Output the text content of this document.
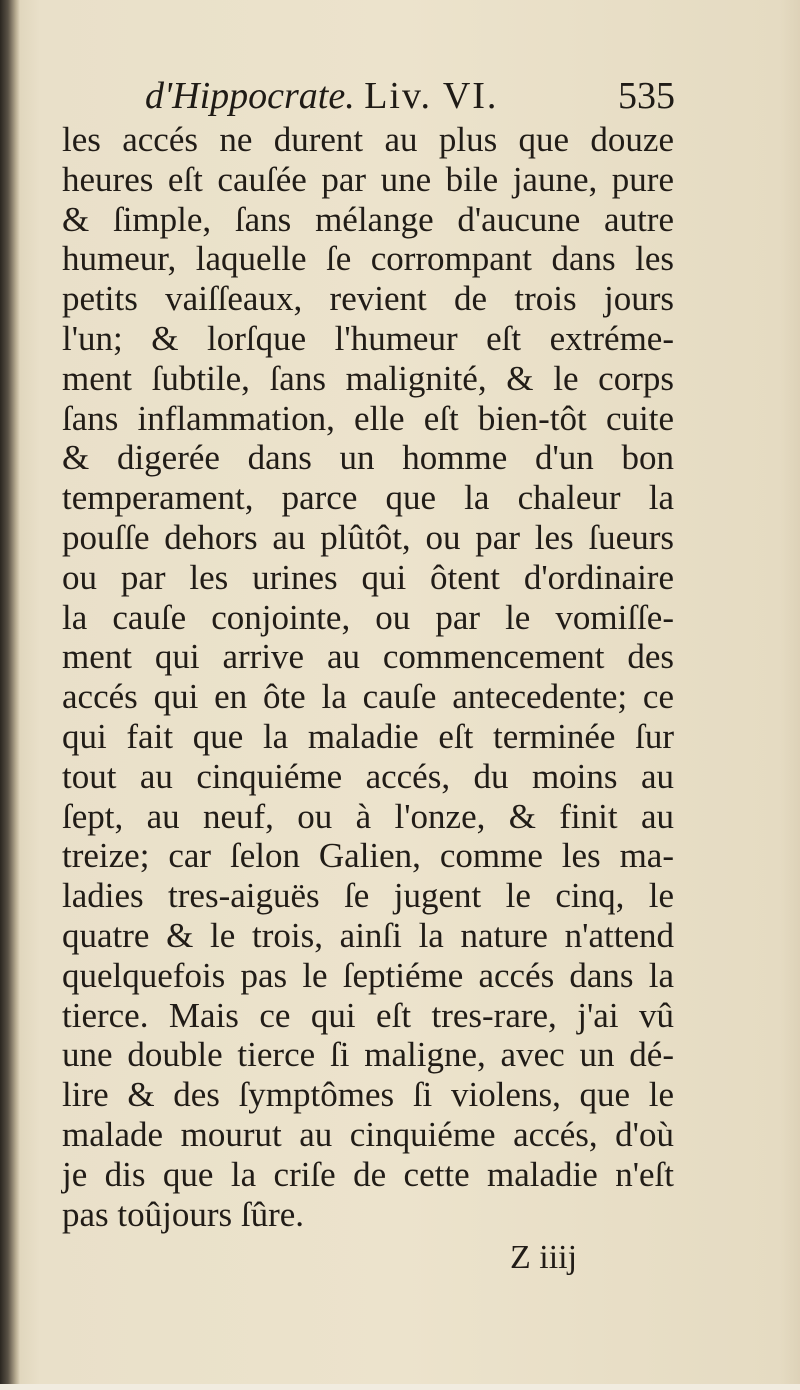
d'Hippocrate. Liv. VI.	535
les accés ne durent au plus que douze
heures eſt cauſée par une bile jaune, pure
& ſimple, ſans mélange d'aucune autre
humeur, laquelle ſe corrompant dans les
petits vaiſſeaux, revient de trois jours
l'un; & lorſque l'humeur eſt extréme-
ment ſubtile, ſans malignité, & le corps
ſans inflammation, elle eſt bien-tôt cuite
& digerée dans un homme d'un bon
temperament, parce que la chaleur la
pouſſe dehors au plûtôt, ou par les ſueurs
ou par les urines qui ôtent d'ordinaire
la cauſe conjointe, ou par le vomiſſe-
ment qui arrive au commencement des
accés qui en ôte la cauſe antecedente; ce
qui fait que la maladie eſt terminée ſur
tout au cinquiéme accés, du moins au
ſept, au neuf, ou à l'onze, & finit au
treize; car ſelon Galien, comme les ma-
ladies tres-aiguës ſe jugent le cinq, le
quatre & le trois, ainſi la nature n'attend
quelquefois pas le ſeptiéme accés dans la
tierce. Mais ce qui eſt tres-rare, j'ai vû
une double tierce ſi maligne, avec un dé-
lire & des ſymptômes ſi violens, que le
malade mourut au cinquiéme accés, d'où
je dis que la criſe de cette maladie n'eſt
pas toûjours ſûre.
Z iiij
